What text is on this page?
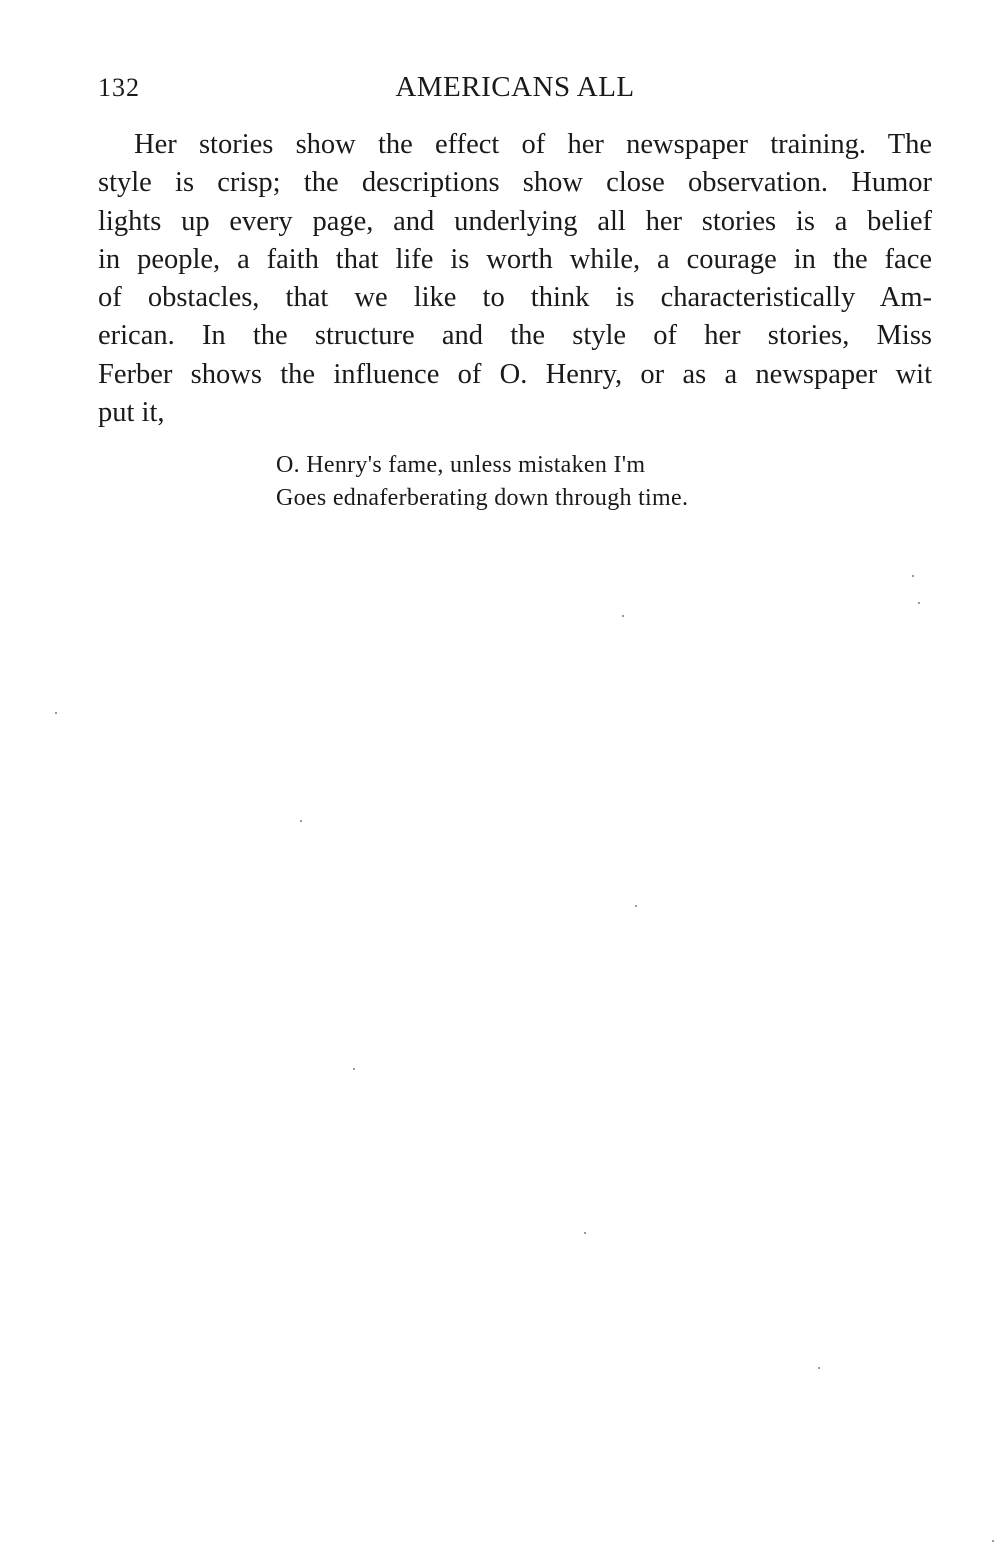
132	AMERICANS ALL
Her stories show the effect of her newspaper training. The
style is crisp; the descriptions show close observation. Humor
lights up every page, and underlying all her stories is a belief
in people, a faith that life is worth while, a courage in the face
of obstacles, that we like to think is characteristically Am-
erican. In the structure and the style of her stories, Miss
Ferber shows the influence of O. Henry, or as a newspaper wit
put it,
O. Henry's fame, unless mistaken I'm
Goes ednaferberating down through time.
